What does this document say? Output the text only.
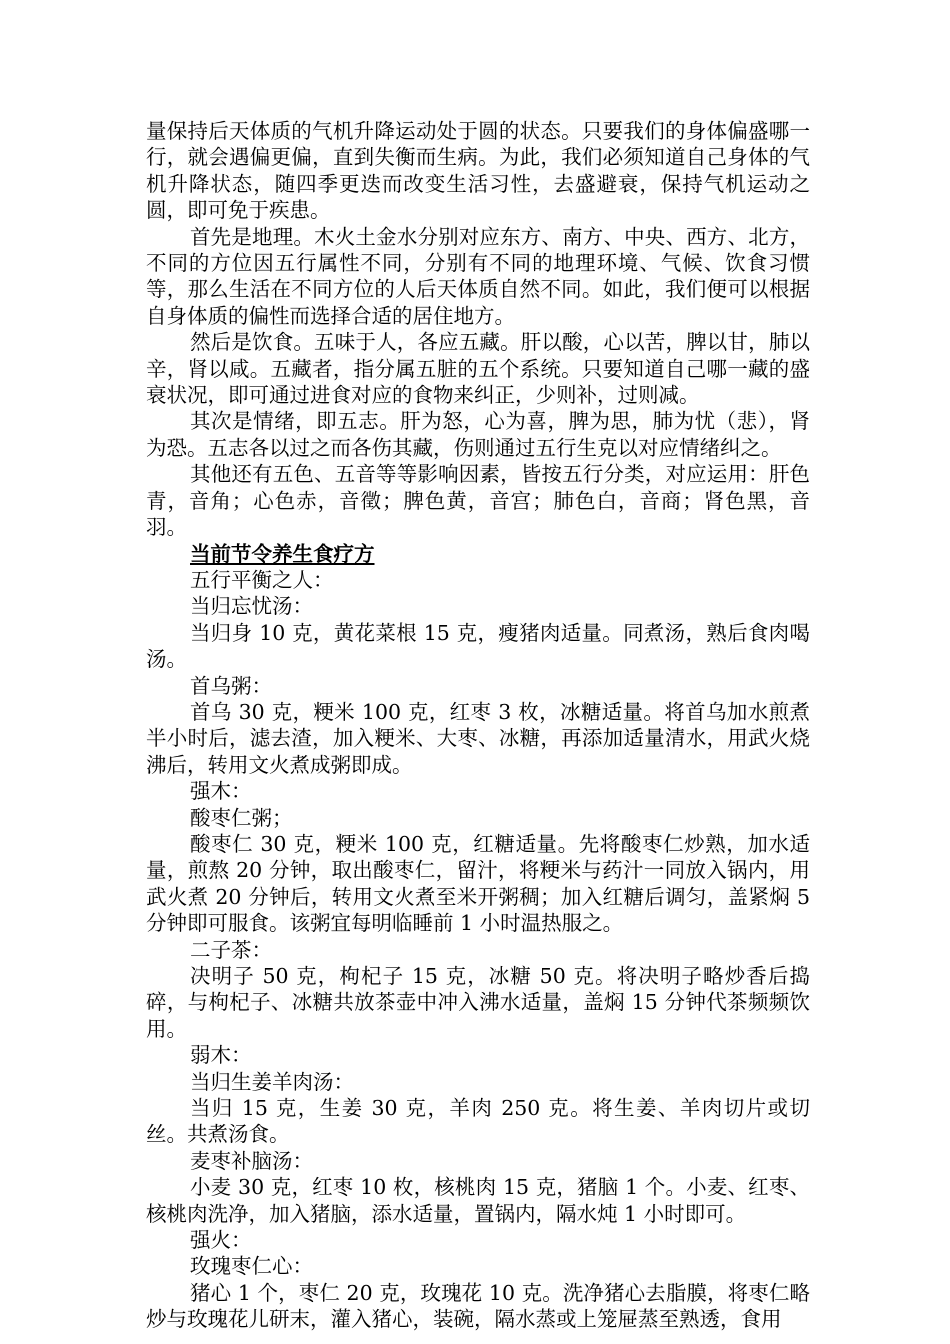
量保持后天体质的气机升降运动处于圆的状态。只要我们的身体偏盛哪一行，就会遇偏更偏，直到失衡而生病。为此，我们必须知道自己身体的气机升降状态，随四季更迭而改变生活习性，去盛避衰，保持气机运动之圆，即可免于疾患。

首先是地理。木火土金水分别对应东方、南方、中央、西方、北方，不同的方位因五行属性不同，分别有不同的地理环境、气候、饮食习惯等，那么生活在不同方位的人后天体质自然不同。如此，我们便可以根据自身体质的偏性而选择合适的居住地方。

然后是饮食。五味于人，各应五藏。肝以酸，心以苦，脾以甘，肺以辛，肾以咸。五藏者，指分属五脏的五个系统。只要知道自己哪一藏的盛衰状况，即可通过进食对应的食物来纠正，少则补，过则减。

其次是情绪，即五志。肝为怒，心为喜，脾为思，肺为忧（悲），肾为恐。五志各以过之而各伤其藏，伤则通过五行生克以对应情绪纠之。

其他还有五色、五音等等影响因素，皆按五行分类，对应运用：肝色青，音角；心色赤，音徵；脾色黄，音宫；肺色白，音商；肾色黑，音羽。

当前节令养生食疗方

五行平衡之人：

当归忘忧汤：

当归身 10 克，黄花菜根 15 克，瘦猪肉适量。同煮汤，熟后食肉喝汤。

首乌粥：

首乌 30 克，粳米 100 克，红枣 3 枚，冰糖适量。将首乌加水煎煮半小时后，滤去渣，加入粳米、大枣、冰糖，再添加适量清水，用武火烧沸后，转用文火煮成粥即成。

强木：

酸枣仁粥；

酸枣仁 30 克，粳米 100 克，红糖适量。先将酸枣仁炒熟，加水适量，煎熬 20 分钟，取出酸枣仁，留汁，将粳米与药汁一同放入锅内，用武火煮 20 分钟后，转用文火煮至米开粥稠；加入红糖后调匀，盖紧焖 5 分钟即可服食。该粥宜每明临睡前 1 小时温热服之。

二子茶：

决明子 50 克，枸杞子 15 克，冰糖 50 克。将决明子略炒香后捣碎，与枸杞子、冰糖共放茶壶中冲入沸水适量，盖焖 15 分钟代茶频频饮用。

弱木：

当归生姜羊肉汤：

当归 15 克，生姜 30 克，羊肉 250 克。将生姜、羊肉切片或切丝。共煮汤食。

麦枣补脑汤：

小麦 30 克，红枣 10 枚，核桃肉 15 克，猪脑 1 个。小麦、红枣、核桃肉洗净，加入猪脑，添水适量，置锅内，隔水炖 1 小时即可。

强火：

玫瑰枣仁心：

猪心 1 个，枣仁 20 克，玫瑰花 10 克。洗净猪心去脂膜，将枣仁略炒与玫瑰花儿研末，灌入猪心，装碗，隔水蒸或上笼屉蒸至熟透，食用
